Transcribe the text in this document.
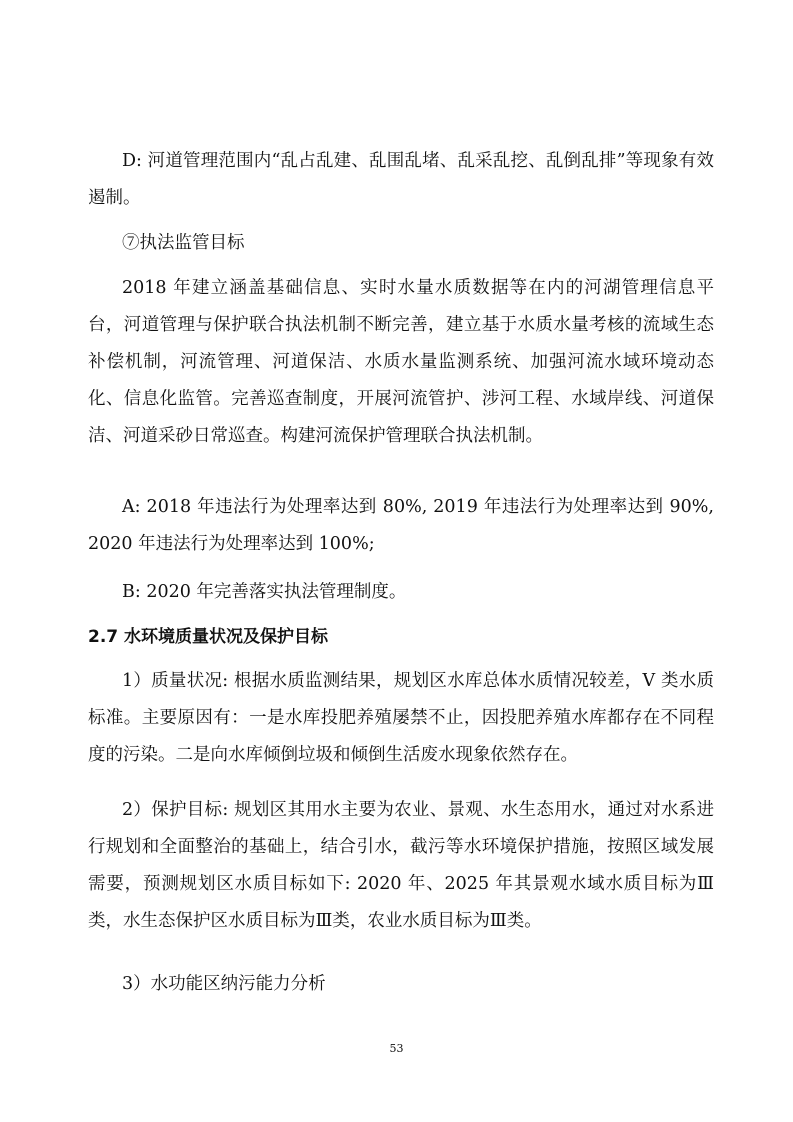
D: 河道管理范围内“乱占乱建、乱围乱堵、乱采乱挖、乱倒乱排”等现象有效遏制。

⑦执法监管目标

2018 年建立涵盖基础信息、实时水量水质数据等在内的河湖管理信息平台，河道管理与保护联合执法机制不断完善，建立基于水质水量考核的流域生态补偿机制，河流管理、河道保洁、水质水量监测系统、加强河流水域环境动态化、信息化监管。完善巡查制度，开展河流管护、涉河工程、水域岸线、河道保洁、河道采砂日常巡查。构建河流保护管理联合执法机制。

A: 2018 年违法行为处理率达到 80%, 2019 年违法行为处理率达到 90%, 2020 年违法行为处理率达到 100%;

B: 2020 年完善落实执法管理制度。

2.7 水环境质量状况及保护目标

1）质量状况: 根据水质监测结果，规划区水库总体水质情况较差，V 类水质标准。主要原因有：一是水库投肥养殖屡禁不止，因投肥养殖水库都存在不同程度的污染。二是向水库倾倒垃圾和倾倒生活废水现象依然存在。

2）保护目标: 规划区其用水主要为农业、景观、水生态用水，通过对水系进行规划和全面整治的基础上，结合引水，截污等水环境保护措施，按照区域发展需要，预测规划区水质目标如下: 2020 年、2025 年其景观水域水质目标为Ⅲ类，水生态保护区水质目标为Ⅲ类，农业水质目标为Ⅲ类。

3）水功能区纳污能力分析

53
